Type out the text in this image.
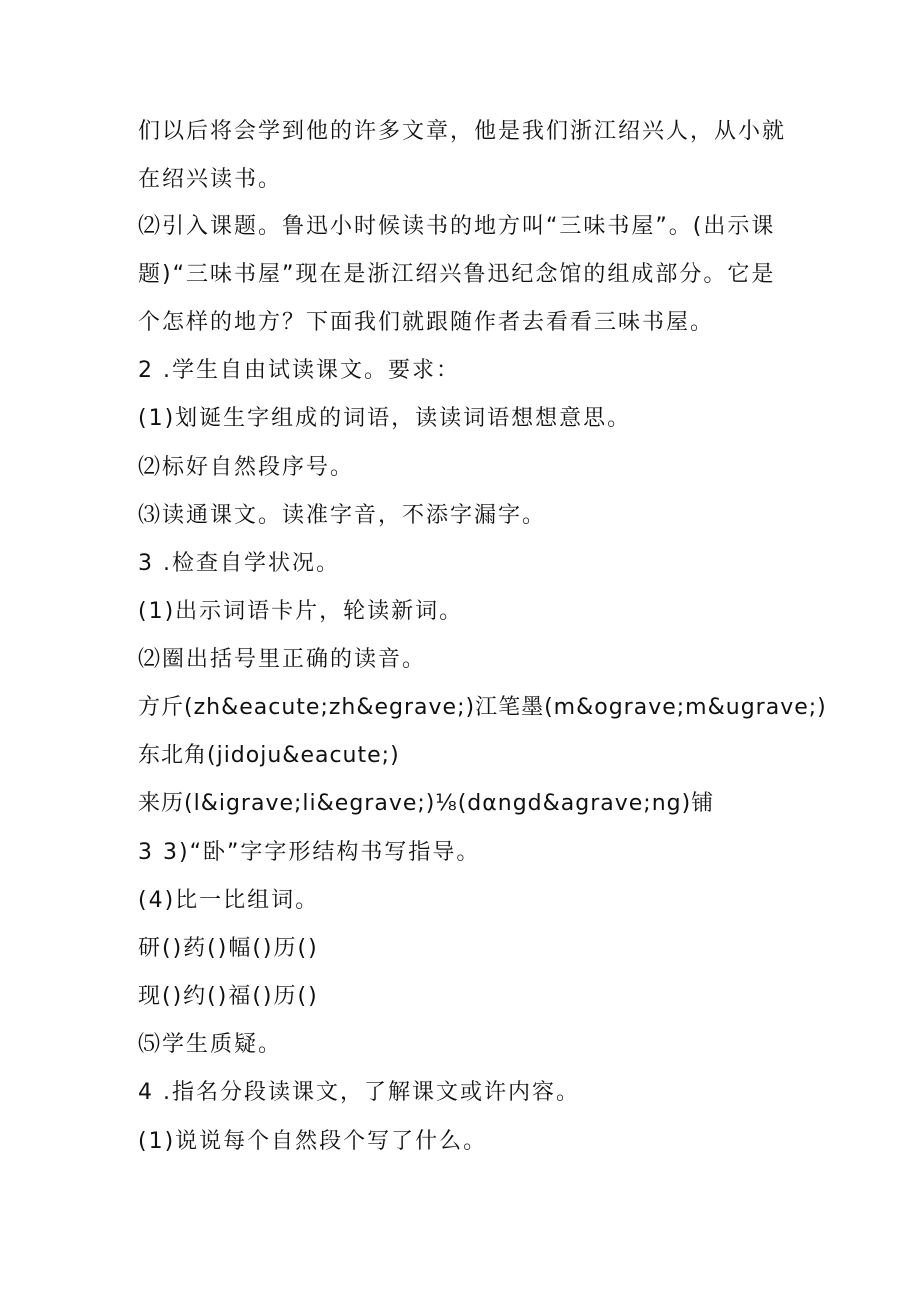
们以后将会学到他的许多文章，他是我们浙江绍兴人，从小就
在绍兴读书。
⑵引入课题。鲁迅小时候读书的地方叫“三味书屋”。(出示课
题)“三味书屋”现在是浙江绍兴鲁迅纪念馆的组成部分。它是
个怎样的地方？下面我们就跟随作者去看看三味书屋。
2 .学生自由试读课文。要求：
(1)划诞生字组成的词语，读读词语想想意思。
⑵标好自然段序号。
⑶读通课文。读准字音，不添字漏字。
3 .检查自学状况。
(1)出示词语卡片，轮读新词。
⑵圈出括号里正确的读音。
方斤(zh&eacute;zh&egrave;)江笔墨(m&ograve;m&ugrave;)
东北角(jidoju&eacute;)
来历(l&igrave;li&egrave;)⅛(dαngd&agrave;ng)铺
3 3)“卧”字字形结构书写指导。
(4)比一比组词。
研()药()幅()历()
现()约()福()历()
⑸学生质疑。
4 .指名分段读课文，了解课文或许内容。
(1)说说每个自然段个写了什么。
